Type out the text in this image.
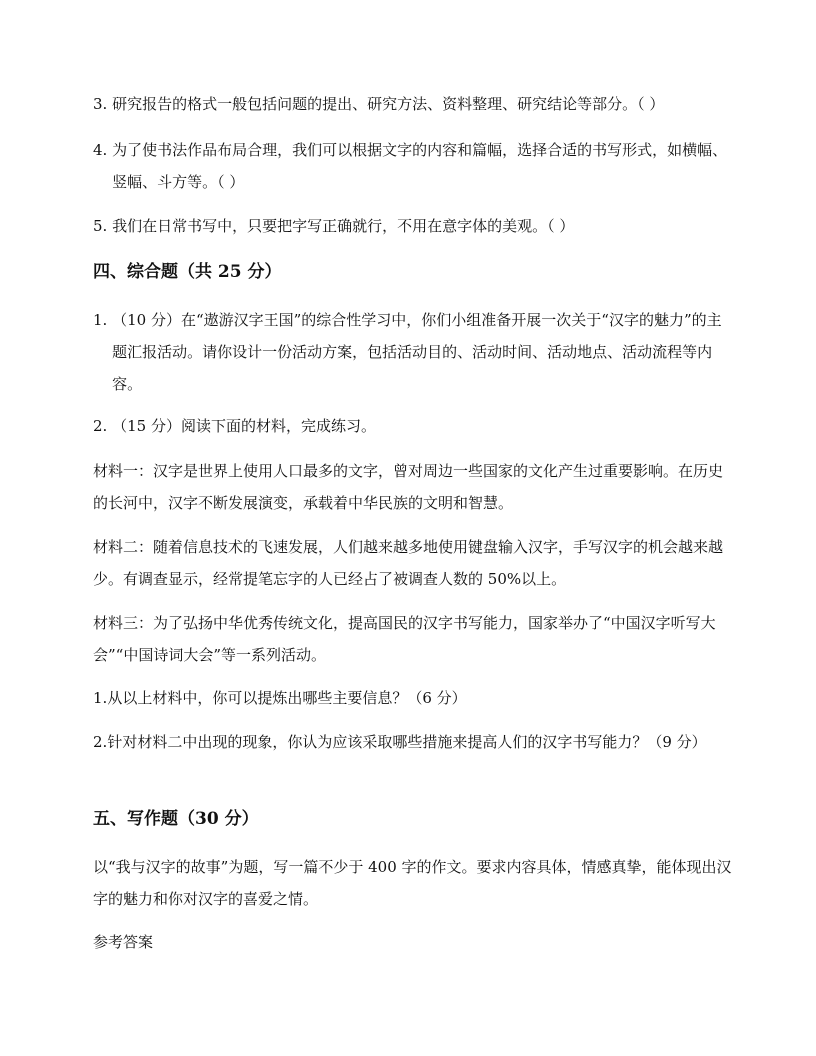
3. 研究报告的格式一般包括问题的提出、研究方法、资料整理、研究结论等部分。（ ）
4. 为了使书法作品布局合理，我们可以根据文字的内容和篇幅，选择合适的书写形式，如横幅、竖幅、斗方等。（ ）
5. 我们在日常书写中，只要把字写正确就行，不用在意字体的美观。（ ）
四、综合题（共 25 分）
1. （10 分）在“遨游汉字王国”的综合性学习中，你们小组准备开展一次关于“汉字的魅力”的主题汇报活动。请你设计一份活动方案，包括活动目的、活动时间、活动地点、活动流程等内容。
2. （15 分）阅读下面的材料，完成练习。
材料一：汉字是世界上使用人口最多的文字，曾对周边一些国家的文化产生过重要影响。在历史的长河中，汉字不断发展演变，承载着中华民族的文明和智慧。
材料二：随着信息技术的飞速发展，人们越来越多地使用键盘输入汉字，手写汉字的机会越来越少。有调查显示，经常提笔忘字的人已经占了被调查人数的 50%以上。
材料三：为了弘扬中华优秀传统文化，提高国民的汉字书写能力，国家举办了“中国汉字听写大会”“中国诗词大会”等一系列活动。
1. 从以上材料中，你可以提炼出哪些主要信息？（6 分）
2. 针对材料二中出现的现象，你认为应该采取哪些措施来提高人们的汉字书写能力？（9 分）
五、写作题（30 分）
以“我与汉字的故事”为题，写一篇不少于 400 字的作文。要求内容具体，情感真挚，能体现出汉字的魅力和你对汉字的喜爱之情。
参考答案
